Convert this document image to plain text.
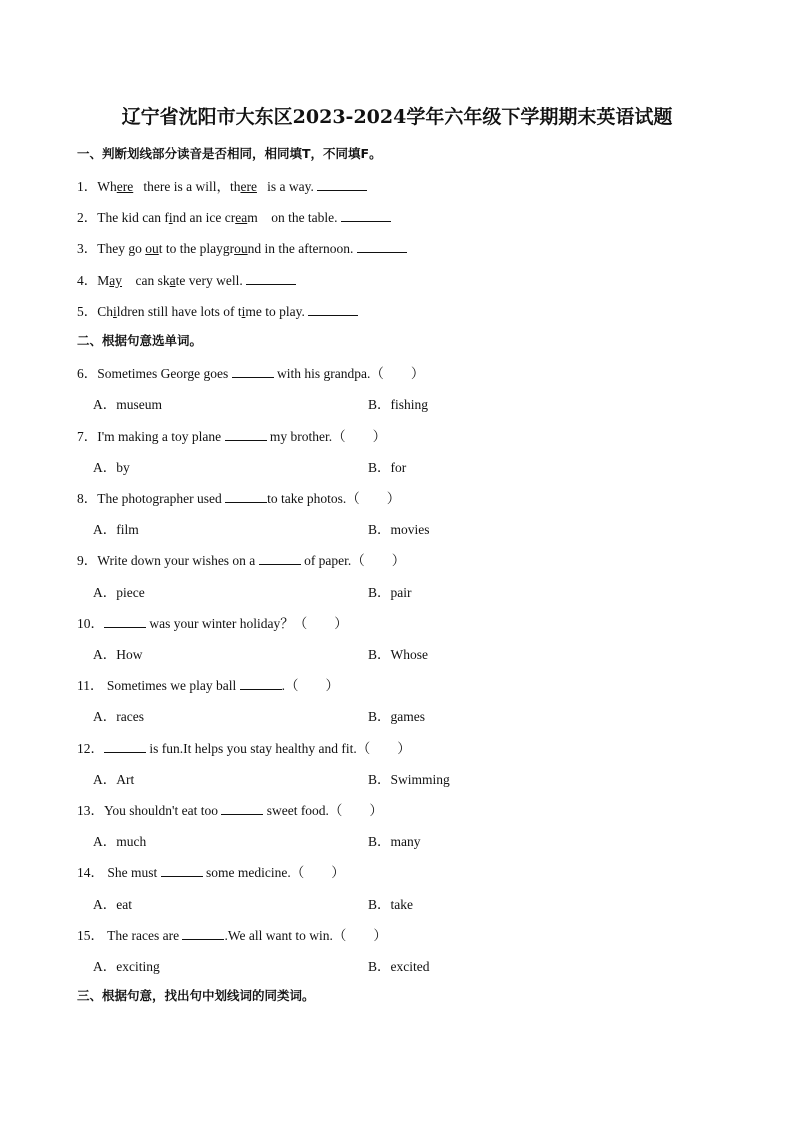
辽宁省沈阳市大东区2023-2024学年六年级下学期期末英语试题
一、判断划线部分读音是否相同，相同填T，不同填F。
1．Where   there is a will，there   is a way.
2．The kid can find an ice cream    on the table.
3．They go out to the playground in the afternoon.
4．May    can skate very well.
5．Children still have lots of time to play.
二、根据句意选单词。
6．Sometimes George goes	with his grandpa.（　　）
A．museum	B．fishing
7．I'm making a toy plane	my brother.（　　）
A．by	B．for
8．The photographer used	to take photos.（　　）
A．film	B．movies
9．Write down your wishes on a	of paper.（　　）
A．piece	B．pair
10．	was your winter holiday？（　　）
A．How	B．Whose
11． Sometimes we play ball	.（　　）
A．races	B．games
12．	is fun.It helps you stay healthy and fit.（　　）
A．Art	B．Swimming
13．You shouldn't eat too	sweet food.（　　）
A．much	B．many
14． She must	some medicine.（　　）
A．eat	B．take
15． The races are	.We all want to win.（　　）
A．exciting	B．excited
三、根据句意，找出句中划线词的同类词。
